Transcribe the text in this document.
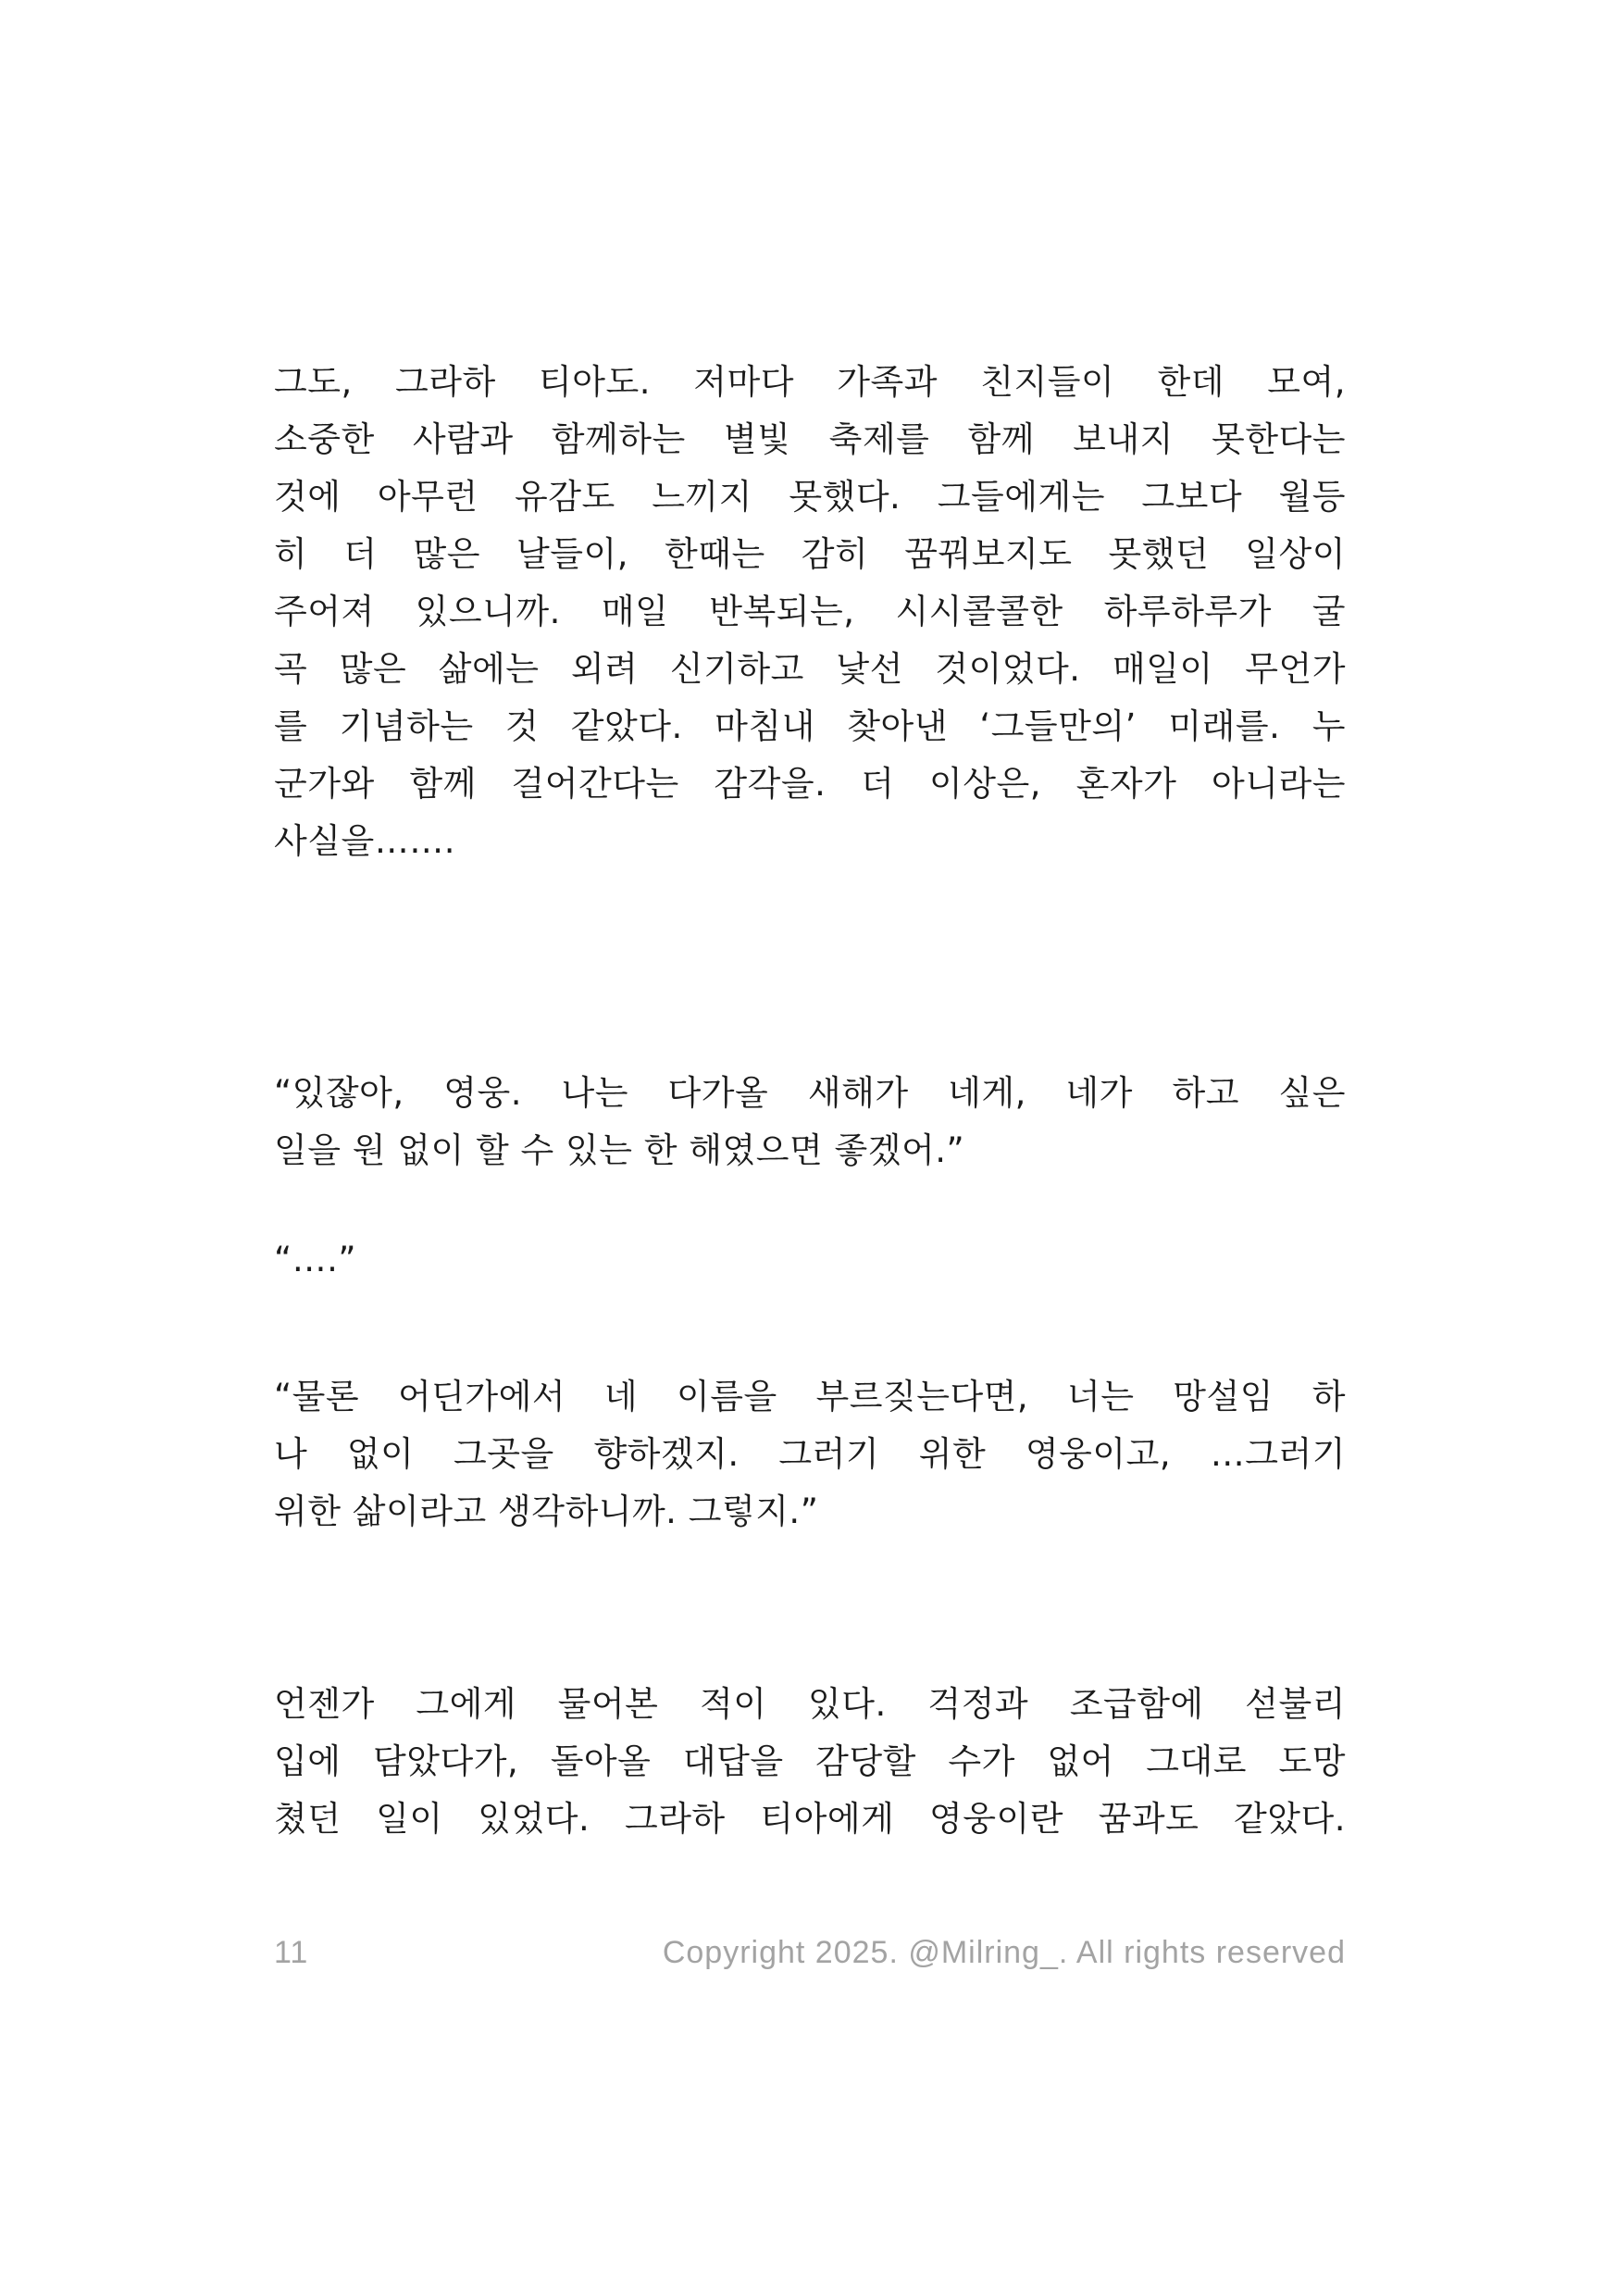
그도, 그라하 티아도. 저마다 가족과 친지들이 한데 모여,
소중한 사람과 함께하는 별빛 축제를 함께 보내지 못한다는
것에 아무런 유감도 느끼지 못했다. 그들에게는 그보다 월등
히 더 많은 날들이, 한때는 감히 꿈꿔보지도 못했던 일상이
주어져 있으니까. 매일 반복되는, 시시콜콜한 하루하루가 굴
곡 많은 삶에는 외려 신기하고 낯선 것이었다. 매일이 무언가
를 기념하는 것 같았다. 마침내 찾아낸 ‘그들만의’ 미래를. 누
군가와 함께 걸어간다는 감각을. 더 이상은, 혼자가 아니라는
사실을…….
“있잖아, 영웅. 나는 다가올 새해가 네게, 네가 하고 싶은
일을 원 없이 할 수 있는 한 해였으면 좋겠어.”
“….”
“물론 어딘가에서 네 이름을 부르짖는다면, 너는 망설임 하
나 없이 그곳을 향하겠지. 그러기 위한 영웅이고, …그러기
위한 삶이라고 생각하니까. 그렇지.”
언젠가 그에게 물어본 적이 있다. 걱정과 조급함에 섣불리
입에 담았다가, 돌아올 대답을 감당할 수가 없어 그대로 도망
쳤던 일이 있었다. 그라하 티아에게 영웅이란 꿈과도 같았다.
11	Copyright 2025. @Milring_. All rights reserved
